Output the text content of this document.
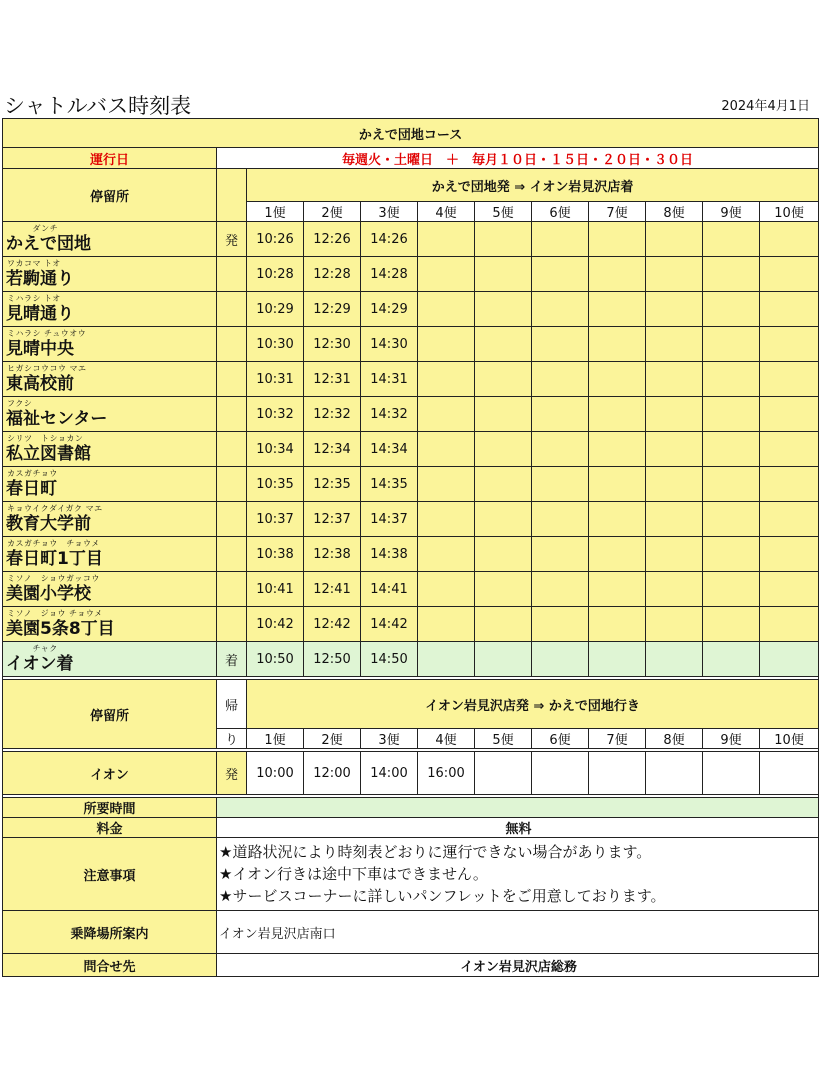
シャトルバス時刻表	2024年4月1日
かえで団地コース											
運行日	毎週火・土曜日　＋　毎月１０日・１５日・２０日・３０日										
停留所		かえで団地発 ⇒ イオン岩見沢店着									
		1便	2便	3便	4便	5便	6便	7便	8便	9便	10便

　　　ダンチ
かえで団地	発	10:26	12:26	14:26							

ワカコマ トオ
若駒通り		10:28	12:28	14:28							

ミハラシ トオ
見晴通り		10:29	12:29	14:29							

ミハラシ チュウオウ
見晴中央		10:30	12:30	14:30							

ヒガシコウコウ マエ
東高校前		10:31	12:31	14:31							

フクシ
福祉センター		10:32	12:32	14:32							

シリツ　トショカン
私立図書館		10:34	12:34	14:34							

カスガチョウ
春日町		10:35	12:35	14:35							

キョウイクダイガク マエ
教育大学前		10:37	12:37	14:37							

カスガチョウ　チョウメ
春日町1丁目		10:38	12:38	14:38							

ミソノ　ショウガッコウ
美園小学校		10:41	12:41	14:41							

ミソノ　ジョウ チョウメ
美園5条8丁目		10:42	12:42	14:42							

　　　チャク
イオン着	着	10:50	12:50	14:50							

停留所	帰	イオン岩見沢店発 ⇒ かえで団地行き									
	り	1便	2便	3便	4便	5便	6便	7便	8便	9便	10便

イオン	発	10:00	12:00	14:00	16:00						

所要時間											
料金	無料										
注意事項	★道路状況により時刻表どおりに運行できない場合があります。
★イオン行きは途中下車はできません。
★サービスコーナーに詳しいパンフレットをご用意しております。										

乗降場所案内	イオン岩見沢店南口										
問合せ先	イオン岩見沢店総務										
